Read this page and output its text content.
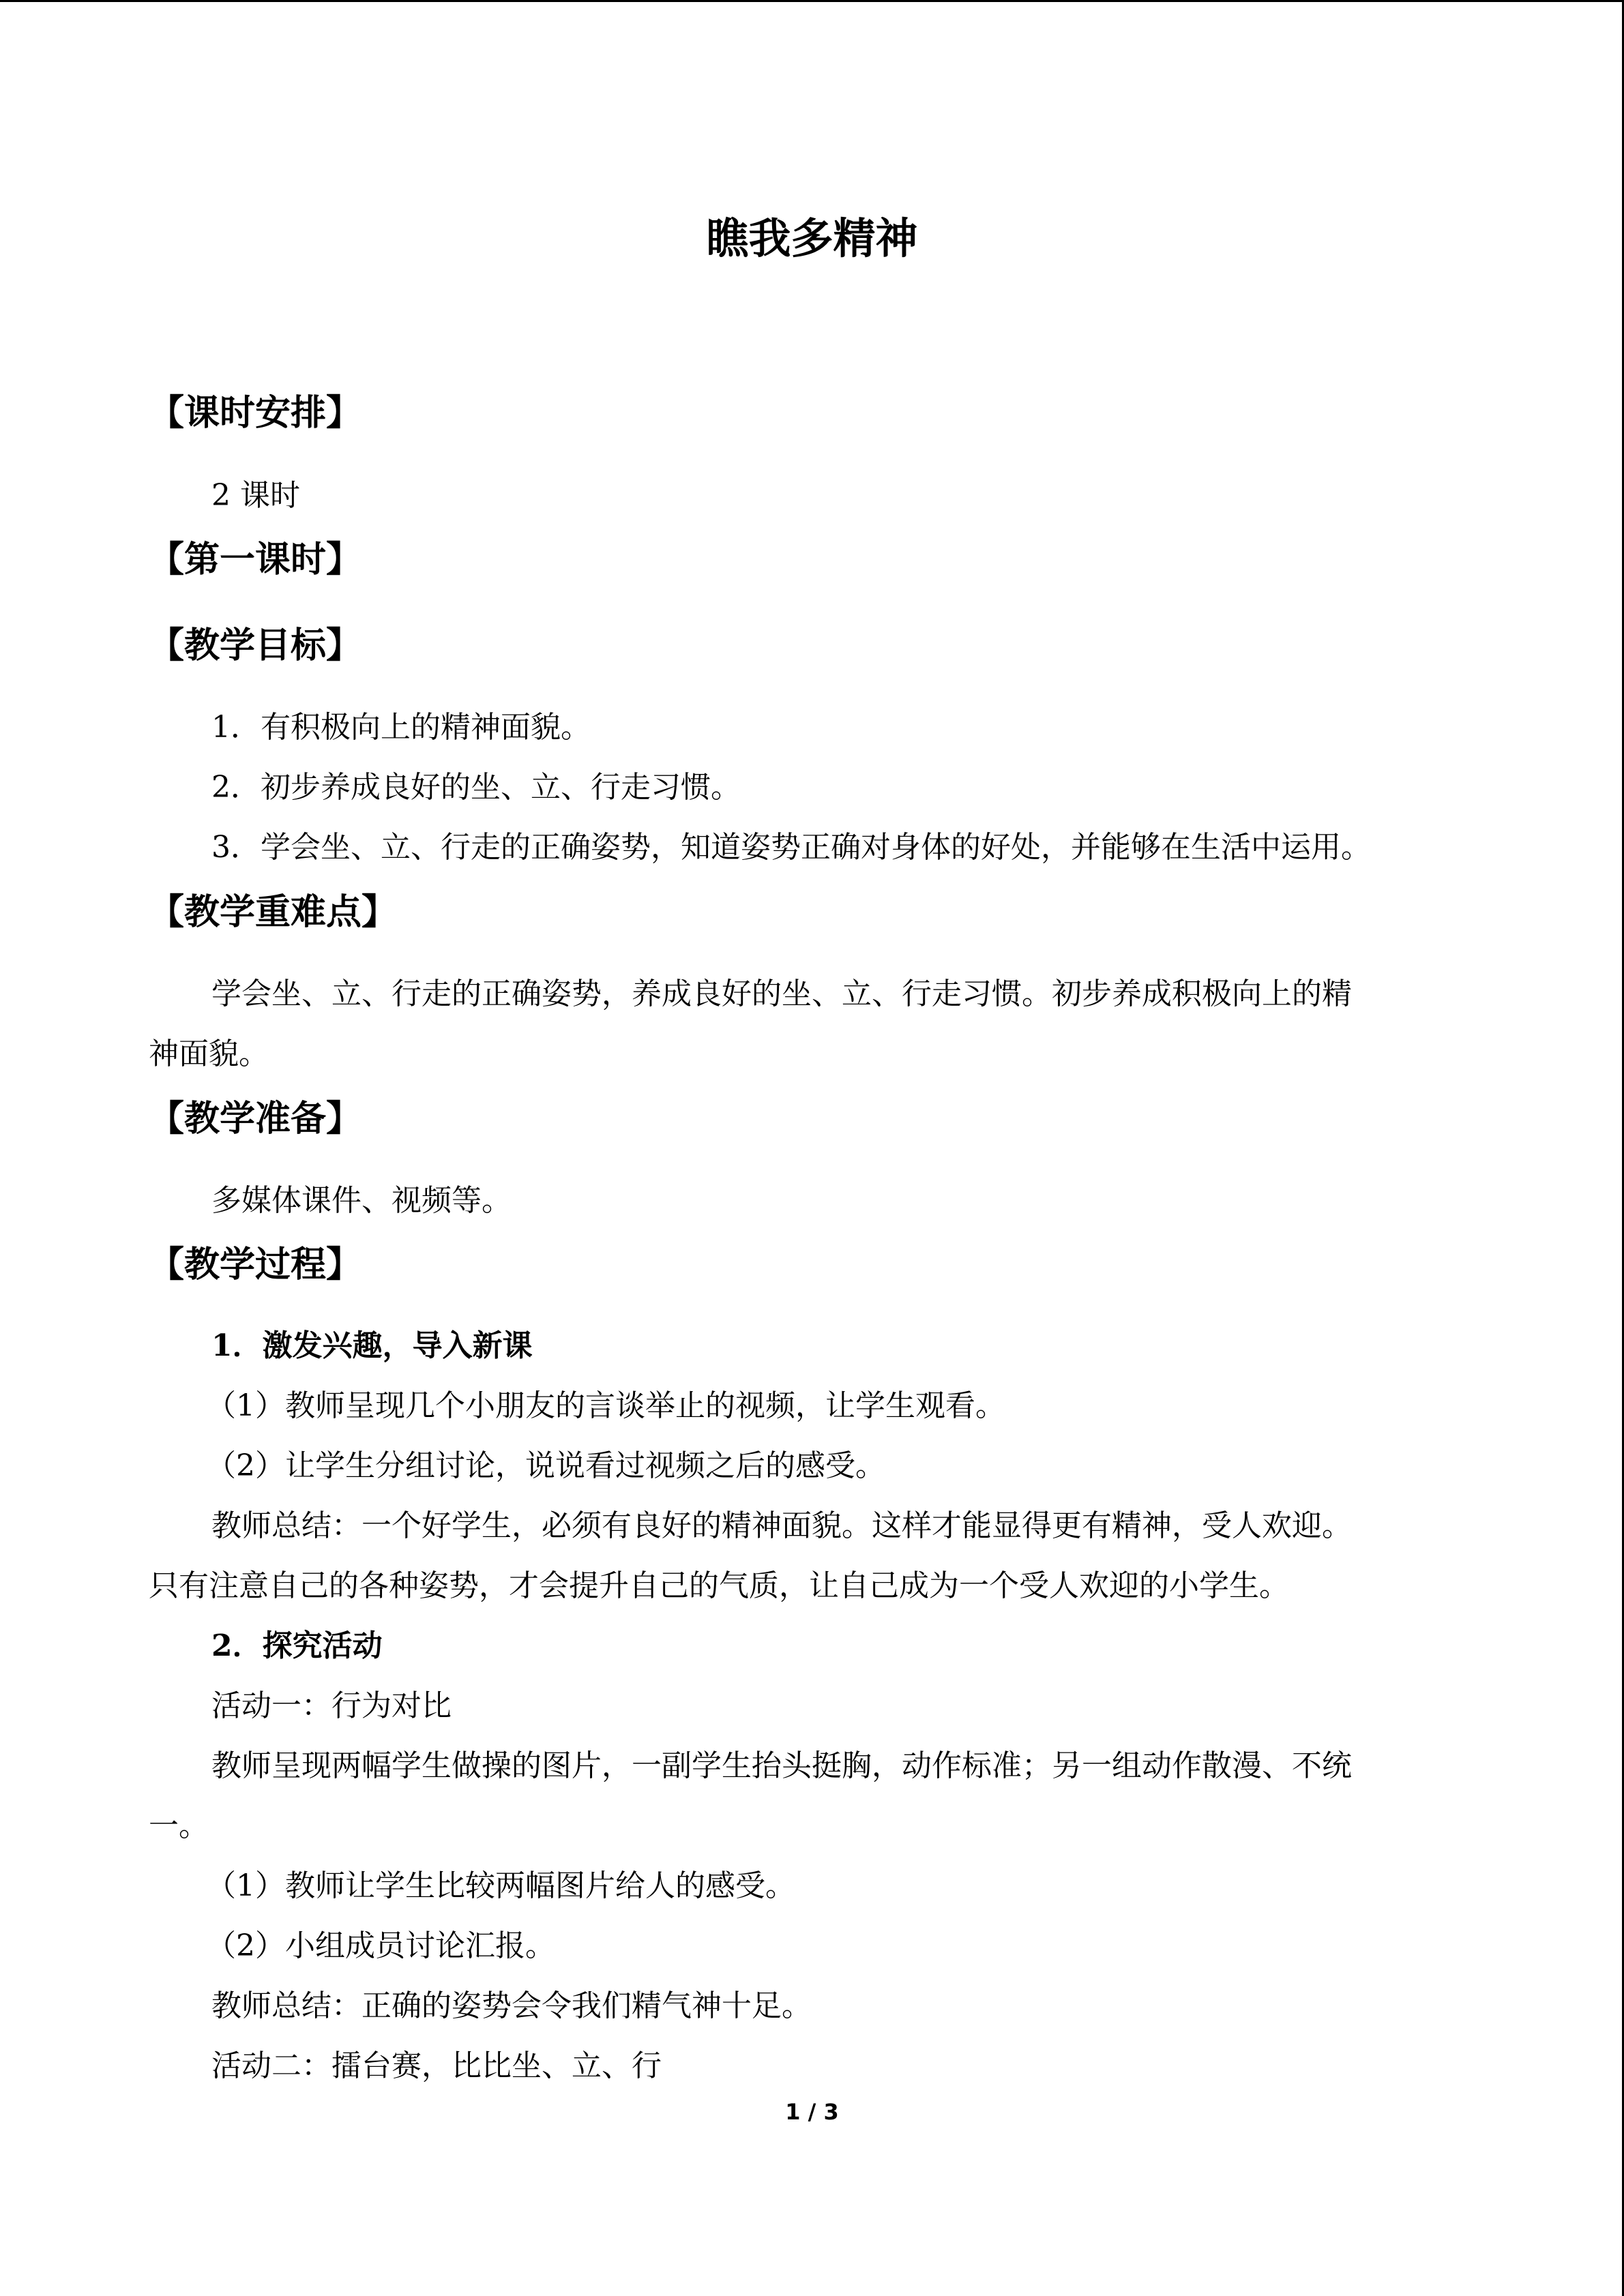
瞧我多精神
【课时安排】
2 课时
【第一课时】
【教学目标】
1．有积极向上的精神面貌。
2．初步养成良好的坐、立、行走习惯。
3．学会坐、立、行走的正确姿势，知道姿势正确对身体的好处，并能够在生活中运用。
【教学重难点】
学会坐、立、行走的正确姿势，养成良好的坐、立、行走习惯。初步养成积极向上的精
神面貌。
【教学准备】
多媒体课件、视频等。
【教学过程】
1．激发兴趣，导入新课
（1）教师呈现几个小朋友的言谈举止的视频，让学生观看。
（2）让学生分组讨论，说说看过视频之后的感受。
教师总结：一个好学生，必须有良好的精神面貌。这样才能显得更有精神，受人欢迎。
只有注意自己的各种姿势，才会提升自己的气质，让自己成为一个受人欢迎的小学生。
2．探究活动
活动一：行为对比
教师呈现两幅学生做操的图片，一副学生抬头挺胸，动作标准；另一组动作散漫、不统
一。
（1）教师让学生比较两幅图片给人的感受。
（2）小组成员讨论汇报。
教师总结：正确的姿势会令我们精气神十足。
活动二：擂台赛，比比坐、立、行
1 / 3
